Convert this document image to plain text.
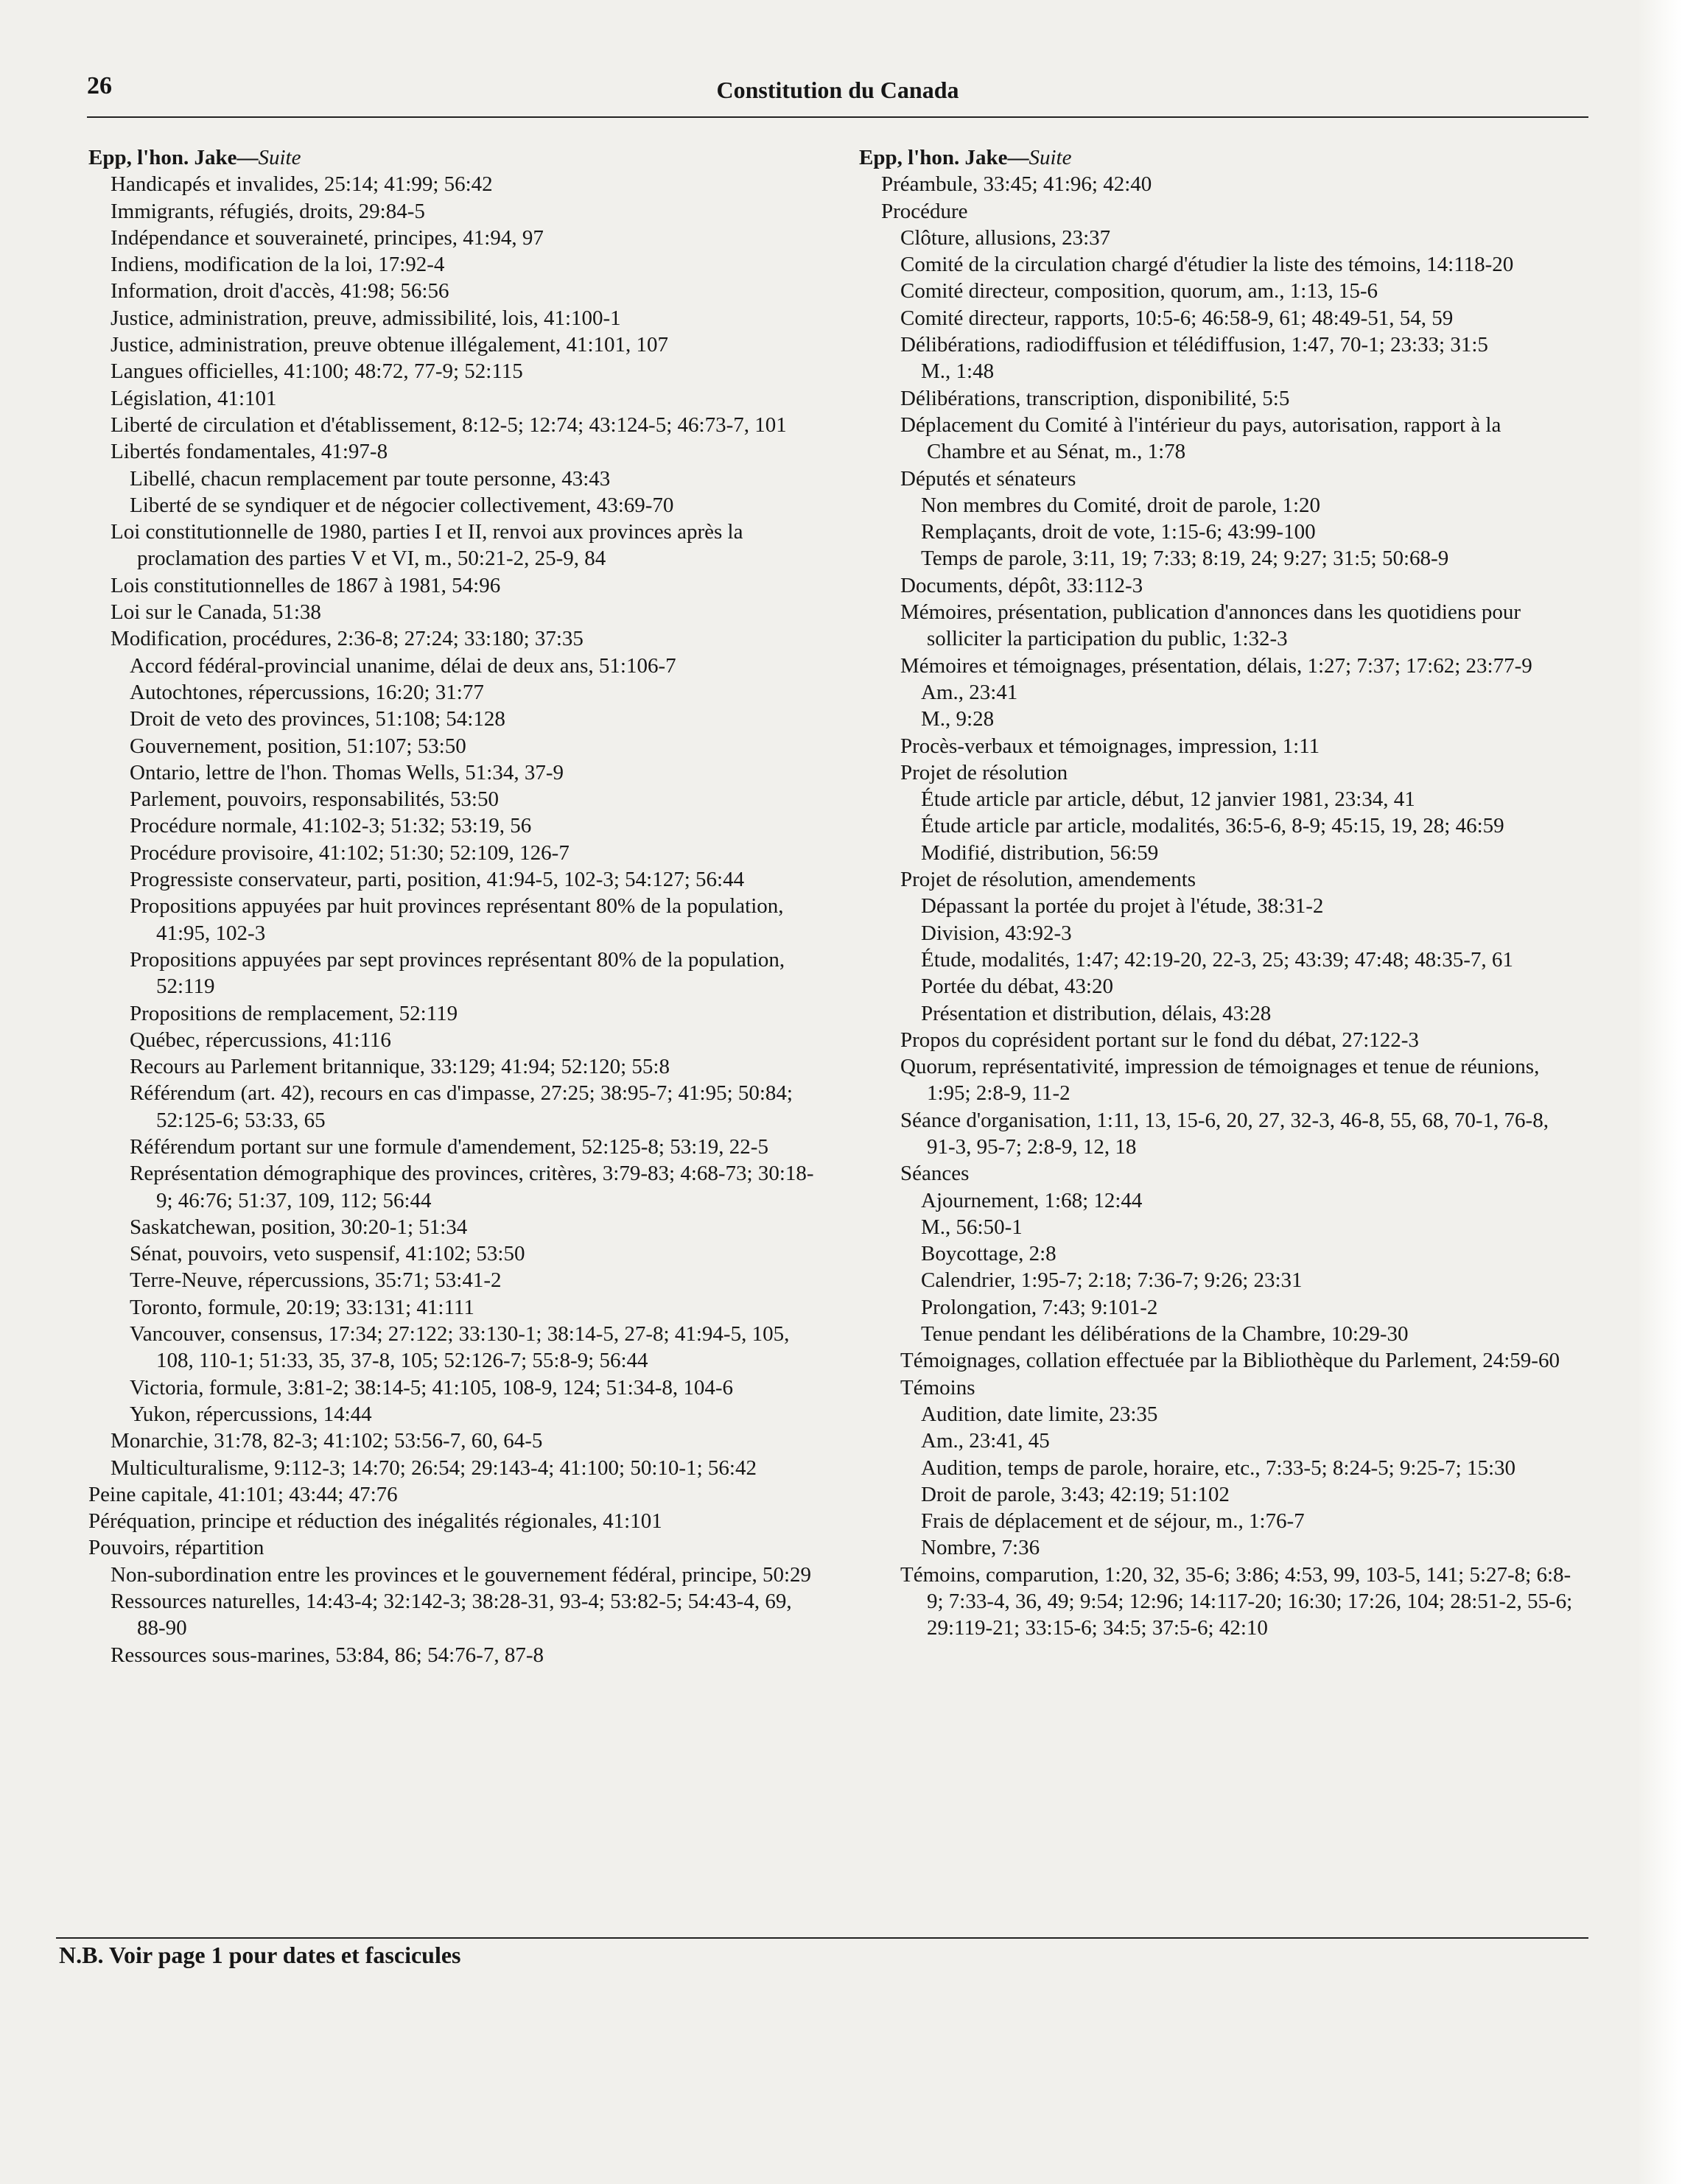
26	Constitution du Canada
Epp, l'hon. Jake—Suite
Handicapés et invalides, 25:14; 41:99; 56:42
Immigrants, réfugiés, droits, 29:84-5
Indépendance et souveraineté, principes, 41:94, 97
Indiens, modification de la loi, 17:92-4
Information, droit d'accès, 41:98; 56:56
Justice, administration, preuve, admissibilité, lois, 41:100-1
Justice, administration, preuve obtenue illégalement, 41:101, 107
Langues officielles, 41:100; 48:72, 77-9; 52:115
Législation, 41:101
Liberté de circulation et d'établissement, 8:12-5; 12:74; 43:124-5; 46:73-7, 101
Libertés fondamentales, 41:97-8
Libellé, chacun remplacement par toute personne, 43:43
Liberté de se syndiquer et de négocier collectivement, 43:69-70
Loi constitutionnelle de 1980, parties I et II, renvoi aux provinces après la proclamation des parties V et VI, m., 50:21-2, 25-9, 84
Lois constitutionnelles de 1867 à 1981, 54:96
Loi sur le Canada, 51:38
Modification, procédures, 2:36-8; 27:24; 33:180; 37:35
Accord fédéral-provincial unanime, délai de deux ans, 51:106-7
Autochtones, répercussions, 16:20; 31:77
Droit de veto des provinces, 51:108; 54:128
Gouvernement, position, 51:107; 53:50
Ontario, lettre de l'hon. Thomas Wells, 51:34, 37-9
Parlement, pouvoirs, responsabilités, 53:50
Procédure normale, 41:102-3; 51:32; 53:19, 56
Procédure provisoire, 41:102; 51:30; 52:109, 126-7
Progressiste conservateur, parti, position, 41:94-5, 102-3; 54:127; 56:44
Propositions appuyées par huit provinces représentant 80% de la population, 41:95, 102-3
Propositions appuyées par sept provinces représentant 80% de la population, 52:119
Propositions de remplacement, 52:119
Québec, répercussions, 41:116
Recours au Parlement britannique, 33:129; 41:94; 52:120; 55:8
Référendum (art. 42), recours en cas d'impasse, 27:25; 38:95-7; 41:95; 50:84; 52:125-6; 53:33, 65
Référendum portant sur une formule d'amendement, 52:125-8; 53:19, 22-5
Représentation démographique des provinces, critères, 3:79-83; 4:68-73; 30:18-9; 46:76; 51:37, 109, 112; 56:44
Saskatchewan, position, 30:20-1; 51:34
Sénat, pouvoirs, veto suspensif, 41:102; 53:50
Terre-Neuve, répercussions, 35:71; 53:41-2
Toronto, formule, 20:19; 33:131; 41:111
Vancouver, consensus, 17:34; 27:122; 33:130-1; 38:14-5, 27-8; 41:94-5, 105, 108, 110-1; 51:33, 35, 37-8, 105; 52:126-7; 55:8-9; 56:44
Victoria, formule, 3:81-2; 38:14-5; 41:105, 108-9, 124; 51:34-8, 104-6
Yukon, répercussions, 14:44
Monarchie, 31:78, 82-3; 41:102; 53:56-7, 60, 64-5
Multiculturalisme, 9:112-3; 14:70; 26:54; 29:143-4; 41:100; 50:10-1; 56:42
Peine capitale, 41:101; 43:44; 47:76
Péréquation, principe et réduction des inégalités régionales, 41:101
Pouvoirs, répartition
Non-subordination entre les provinces et le gouvernement fédéral, principe, 50:29
Ressources naturelles, 14:43-4; 32:142-3; 38:28-31, 93-4; 53:82-5; 54:43-4, 69, 88-90
Ressources sous-marines, 53:84, 86; 54:76-7, 87-8
Epp, l'hon. Jake—Suite
Préambule, 33:45; 41:96; 42:40
Procédure
Clôture, allusions, 23:37
Comité de la circulation chargé d'étudier la liste des témoins, 14:118-20
Comité directeur, composition, quorum, am., 1:13, 15-6
Comité directeur, rapports, 10:5-6; 46:58-9, 61; 48:49-51, 54, 59
Délibérations, radiodiffusion et télédiffusion, 1:47, 70-1; 23:33; 31:5
M., 1:48
Délibérations, transcription, disponibilité, 5:5
Déplacement du Comité à l'intérieur du pays, autorisation, rapport à la Chambre et au Sénat, m., 1:78
Députés et sénateurs
Non membres du Comité, droit de parole, 1:20
Remplaçants, droit de vote, 1:15-6; 43:99-100
Temps de parole, 3:11, 19; 7:33; 8:19, 24; 9:27; 31:5; 50:68-9
Documents, dépôt, 33:112-3
Mémoires, présentation, publication d'annonces dans les quotidiens pour solliciter la participation du public, 1:32-3
Mémoires et témoignages, présentation, délais, 1:27; 7:37; 17:62; 23:77-9
Am., 23:41
M., 9:28
Procès-verbaux et témoignages, impression, 1:11
Projet de résolution
Étude article par article, début, 12 janvier 1981, 23:34, 41
Étude article par article, modalités, 36:5-6, 8-9; 45:15, 19, 28; 46:59
Modifié, distribution, 56:59
Projet de résolution, amendements
Dépassant la portée du projet à l'étude, 38:31-2
Division, 43:92-3
Étude, modalités, 1:47; 42:19-20, 22-3, 25; 43:39; 47:48; 48:35-7, 61
Portée du débat, 43:20
Présentation et distribution, délais, 43:28
Propos du coprésident portant sur le fond du débat, 27:122-3
Quorum, représentativité, impression de témoignages et tenue de réunions, 1:95; 2:8-9, 11-2
Séance d'organisation, 1:11, 13, 15-6, 20, 27, 32-3, 46-8, 55, 68, 70-1, 76-8, 91-3, 95-7; 2:8-9, 12, 18
Séances
Ajournement, 1:68; 12:44
M., 56:50-1
Boycottage, 2:8
Calendrier, 1:95-7; 2:18; 7:36-7; 9:26; 23:31
Prolongation, 7:43; 9:101-2
Tenue pendant les délibérations de la Chambre, 10:29-30
Témoignages, collation effectuée par la Bibliothèque du Parlement, 24:59-60
Témoins
Audition, date limite, 23:35
Am., 23:41, 45
Audition, temps de parole, horaire, etc., 7:33-5; 8:24-5; 9:25-7; 15:30
Droit de parole, 3:43; 42:19; 51:102
Frais de déplacement et de séjour, m., 1:76-7
Nombre, 7:36
Témoins, comparution, 1:20, 32, 35-6; 3:86; 4:53, 99, 103-5, 141; 5:27-8; 6:8-9; 7:33-4, 36, 49; 9:54; 12:96; 14:117-20; 16:30; 17:26, 104; 28:51-2, 55-6; 29:119-21; 33:15-6; 34:5; 37:5-6; 42:10
N.B. Voir page 1 pour dates et fascicules
